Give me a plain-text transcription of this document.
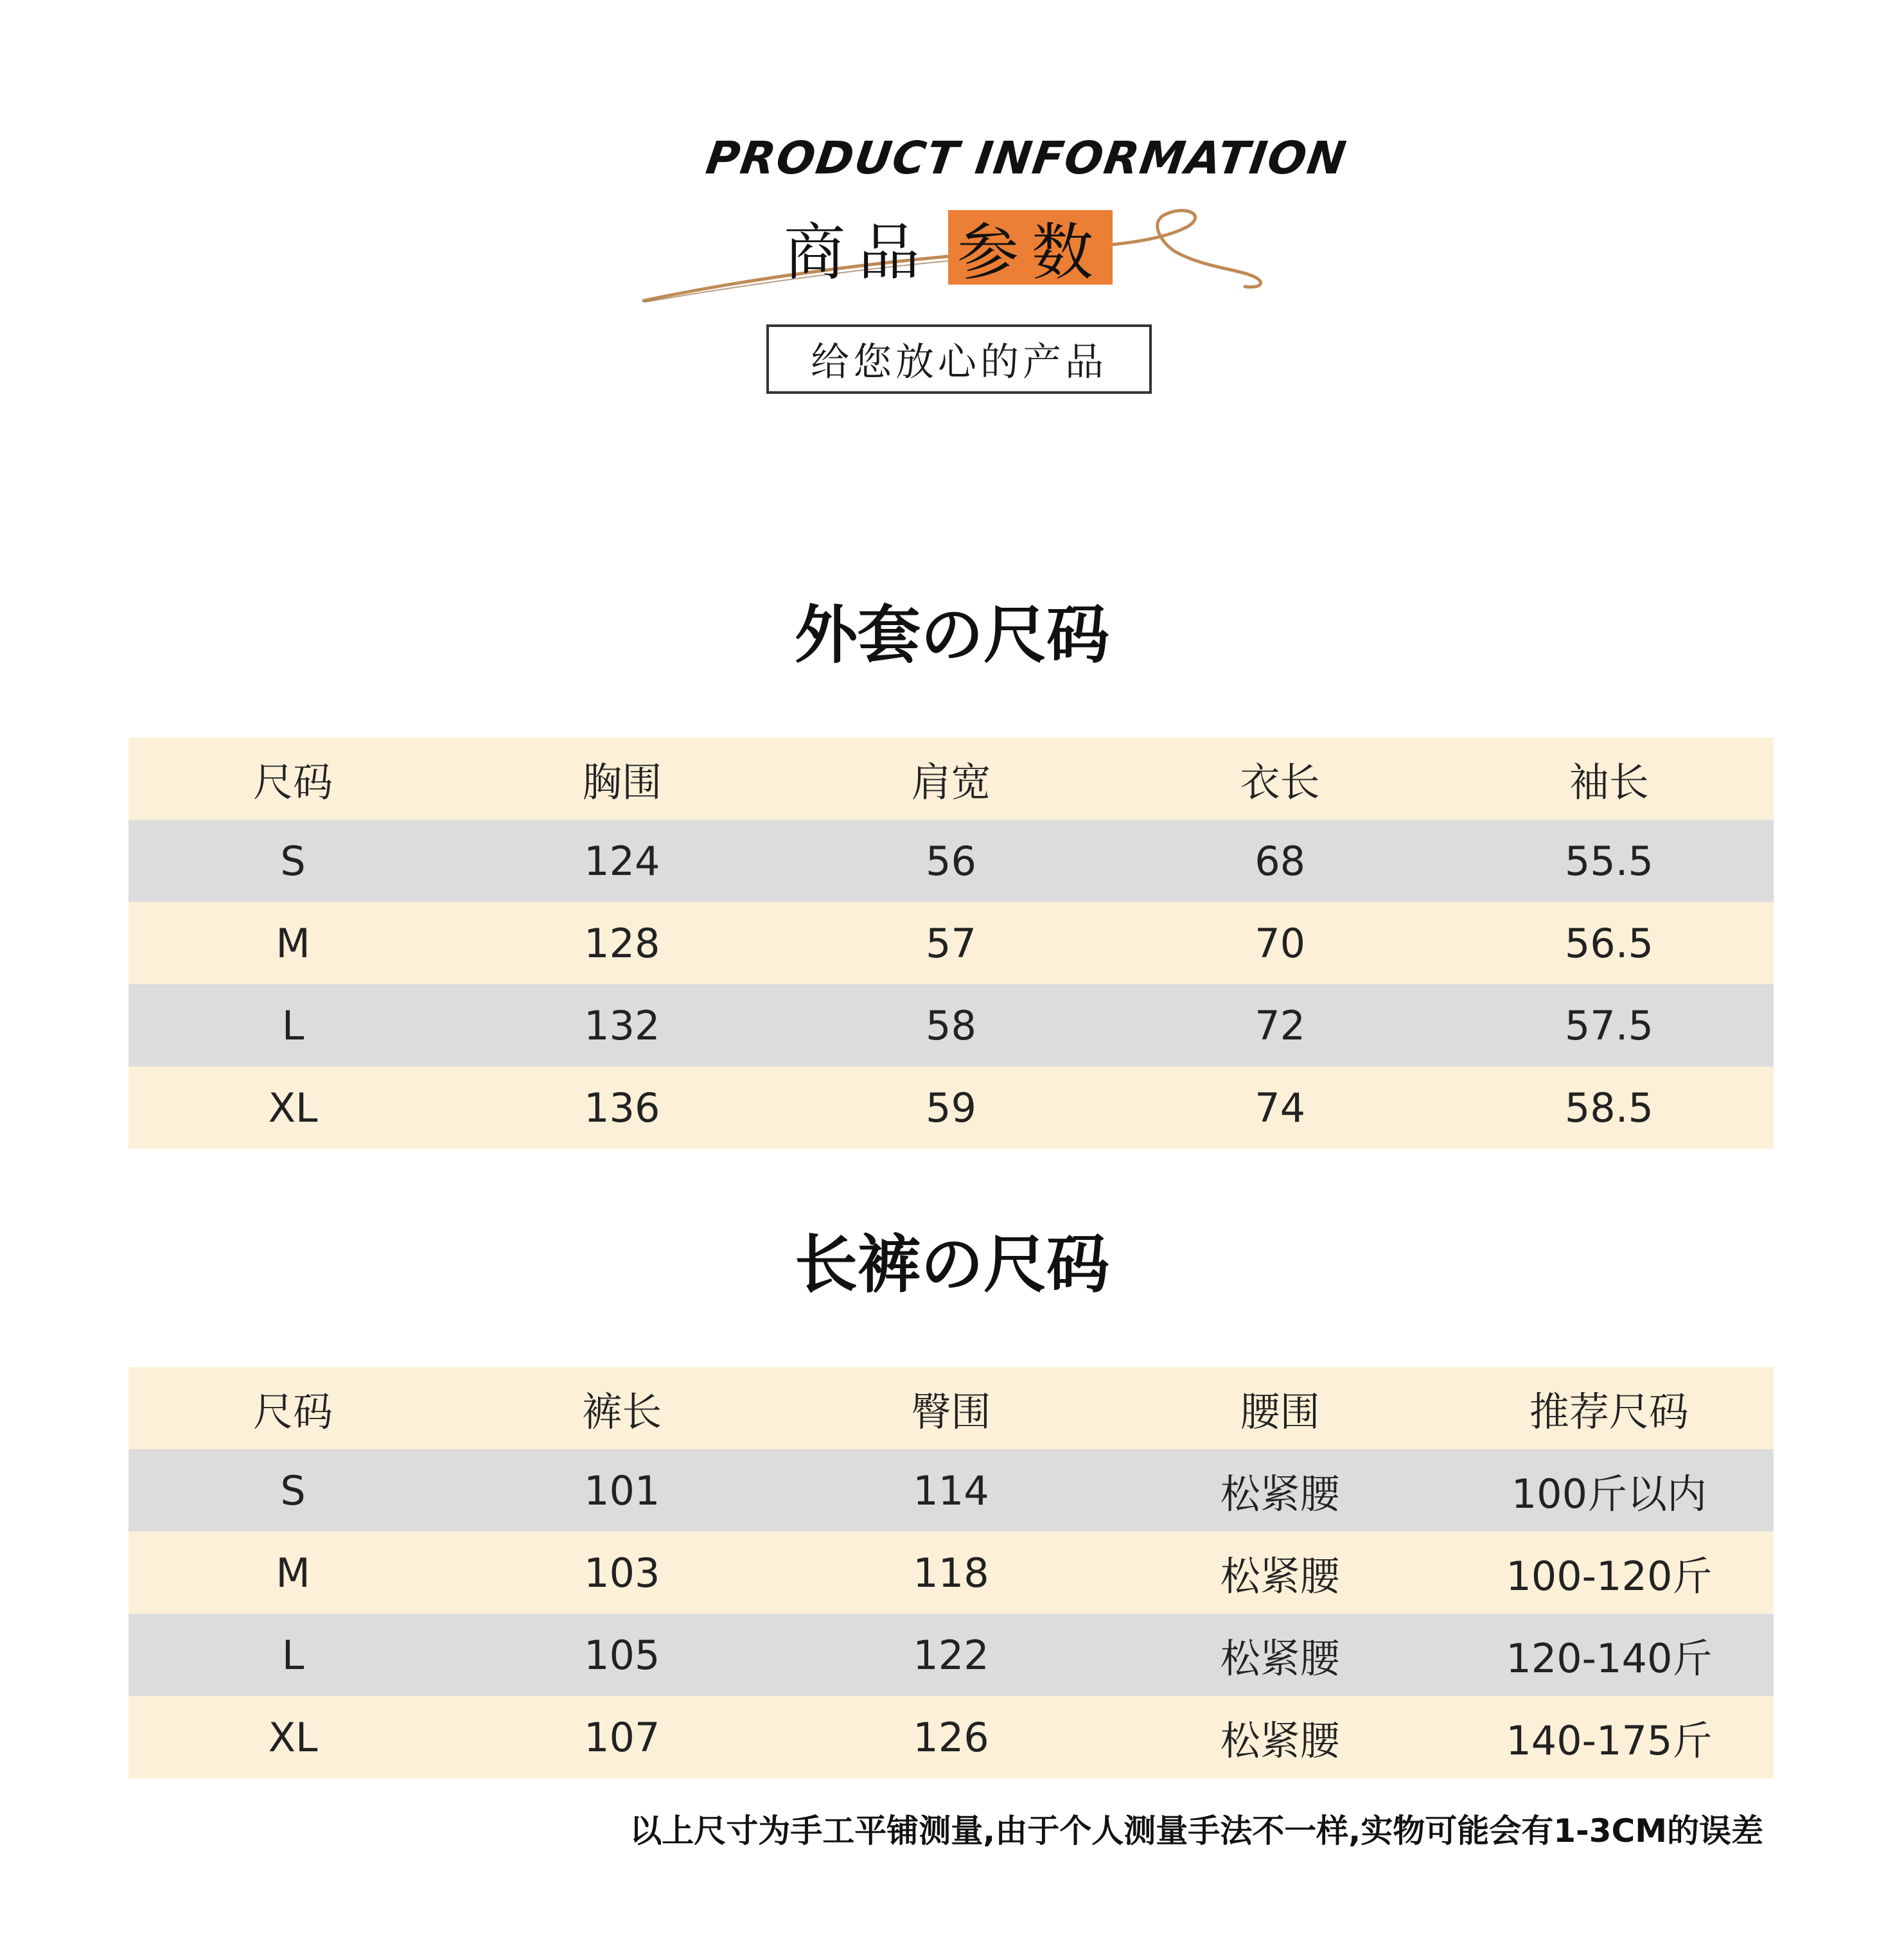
PRODUCT INFORMATION
商品 参数
给您放心的产品
外套の尺码
尺码	胸围	肩宽	衣长	袖长
S	124	56	68	55.5
M	128	57	70	56.5
L	132	58	72	57.5
XL	136	59	74	58.5
长裤の尺码
尺码	裤长	臀围	腰围	推荐尺码
S	101	114	松紧腰	100斤以内
M	103	118	松紧腰	100-120斤
L	105	122	松紧腰	120-140斤
XL	107	126	松紧腰	140-175斤
以上尺寸为手工平铺测量,由于个人测量手法不一样,实物可能会有1-3CM的误差
